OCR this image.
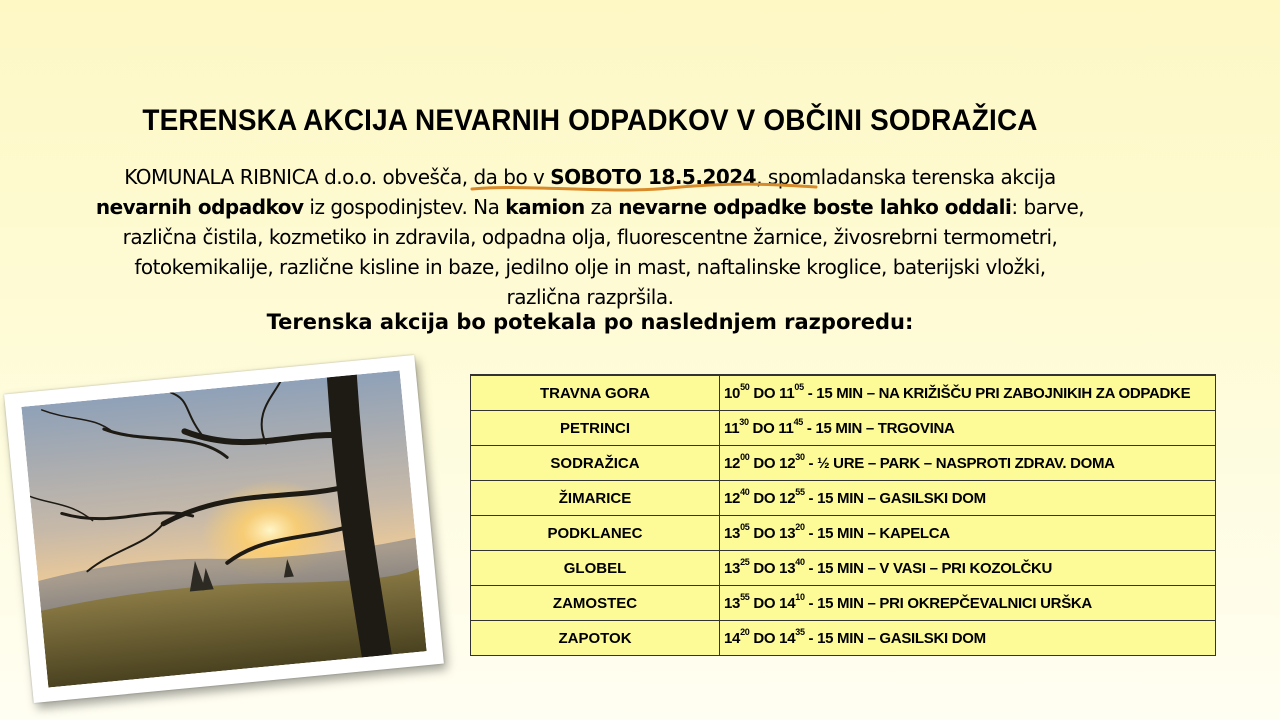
TERENSKA AKCIJA NEVARNIH ODPADKOV V OBČINI SODRAŽICA
KOMUNALA RIBNICA d.o.o. obvešča, da bo v SOBOTO 18.5.2024, spomladanska terenska akcija
nevarnih odpadkov iz gospodinjstev. Na kamion za nevarne odpadke boste lahko oddali: barve,
različna čistila, kozmetiko in zdravila, odpadna olja, fluorescentne žarnice, živosrebrni termometri,
fotokemikalije, različne kisline in baze, jedilno olje in mast, naftalinske kroglice, baterijski vložki,
različna razpršila.
Terenska akcija bo potekala po naslednjem razporedu:
TRAVNA GORA	$10^{50}$ DO $11^{05} - 15$ MIN – NA KRIŽIŠČU PRI ZABOJNIKIH ZA ODPADKE
PETRINCI	$11^{30}$ DO $11^{45} - 15$ MIN – TRGOVINA
SODRAŽICA	$12^{00}$ DO $12^{30}$ - ½ URE – PARK – NASPROTI ZDRAV. DOMA
ŽIMARICE	$12^{40}$ DO $12^{55} - 15$ MIN – GASILSKI DOM
PODKLANEC	$13^{05}$ DO $13^{20} - 15$ MIN – KAPELCA
GLOBEL	$13^{25}$ DO $13^{40} - 15$ MIN – V VASI – PRI KOZOLČKU
ZAMOSTEC	$13^{55}$ DO $14^{10} - 15$ MIN – PRI OKREPČEVALNICI URŠKA
ZAPOTOK	$14^{20}$ DO $14^{35} - 15$ MIN – GASILSKI DOM
